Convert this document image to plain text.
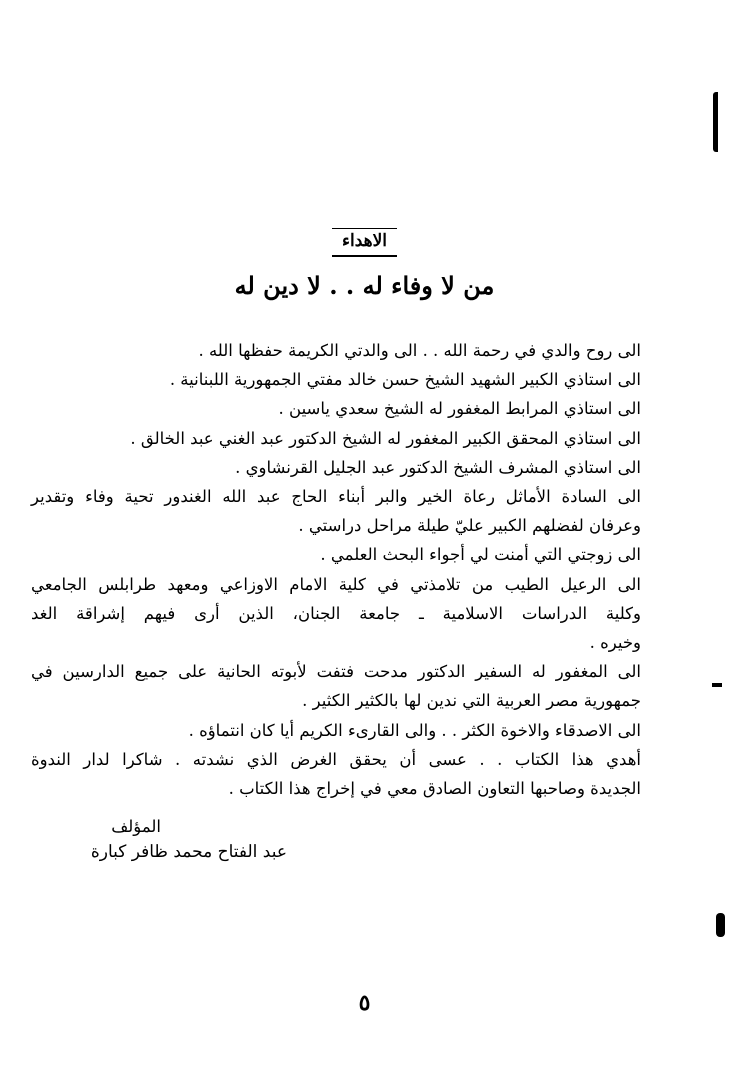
الاهداء
من لا وفاء له . . لا دين له

الى روح والدي في رحمة الله . . الى والدتي الكريمة حفظها الله .

الى استاذي الكبير الشهيد الشيخ حسن خالد مفتي الجمهورية اللبنانية .

الى استاذي المرابط المغفور له الشيخ سعدي ياسين .

الى استاذي المحقق الكبير المغفور له الشيخ الدكتور عبد الغني عبد الخالق .

الى استاذي المشرف الشيخ الدكتور عبد الجليل القرنشاوي .

الى السادة الأماثل رعاة الخير والبر أبناء الحاج عبد الله الغندور تحية وفاء وتقدير

وعرفان لفضلهم الكبير عليّ طيلة مراحل دراستي .

الى زوجتي التي أمنت لي أجواء البحث العلمي .

الى الرعيل الطيب من تلامذتي في كلية الامام الاوزاعي ومعهد طرابلس الجامعي

وكلية الدراسات الاسلامية ـ جامعة الجنان، الذين أرى فيهم إشراقة الغد

وخيره .

الى المغفور له السفير الدكتور مدحت فتفت لأبوته الحانية على جميع الدارسين في

جمهورية مصر العربية التي ندين لها بالكثير الكثير .

الى الاصدقاء والاخوة الكثر . . والى القارىء الكريم أيا كان انتماؤه .

أهدي هذا الكتاب . . عسى أن يحقق الغرض الذي نشدته . شاكرا لدار الندوة

الجديدة وصاحبها التعاون الصادق معي في إخراج هذا الكتاب .

المؤلف
عبد الفتاح محمد ظافر كبارة
٥
